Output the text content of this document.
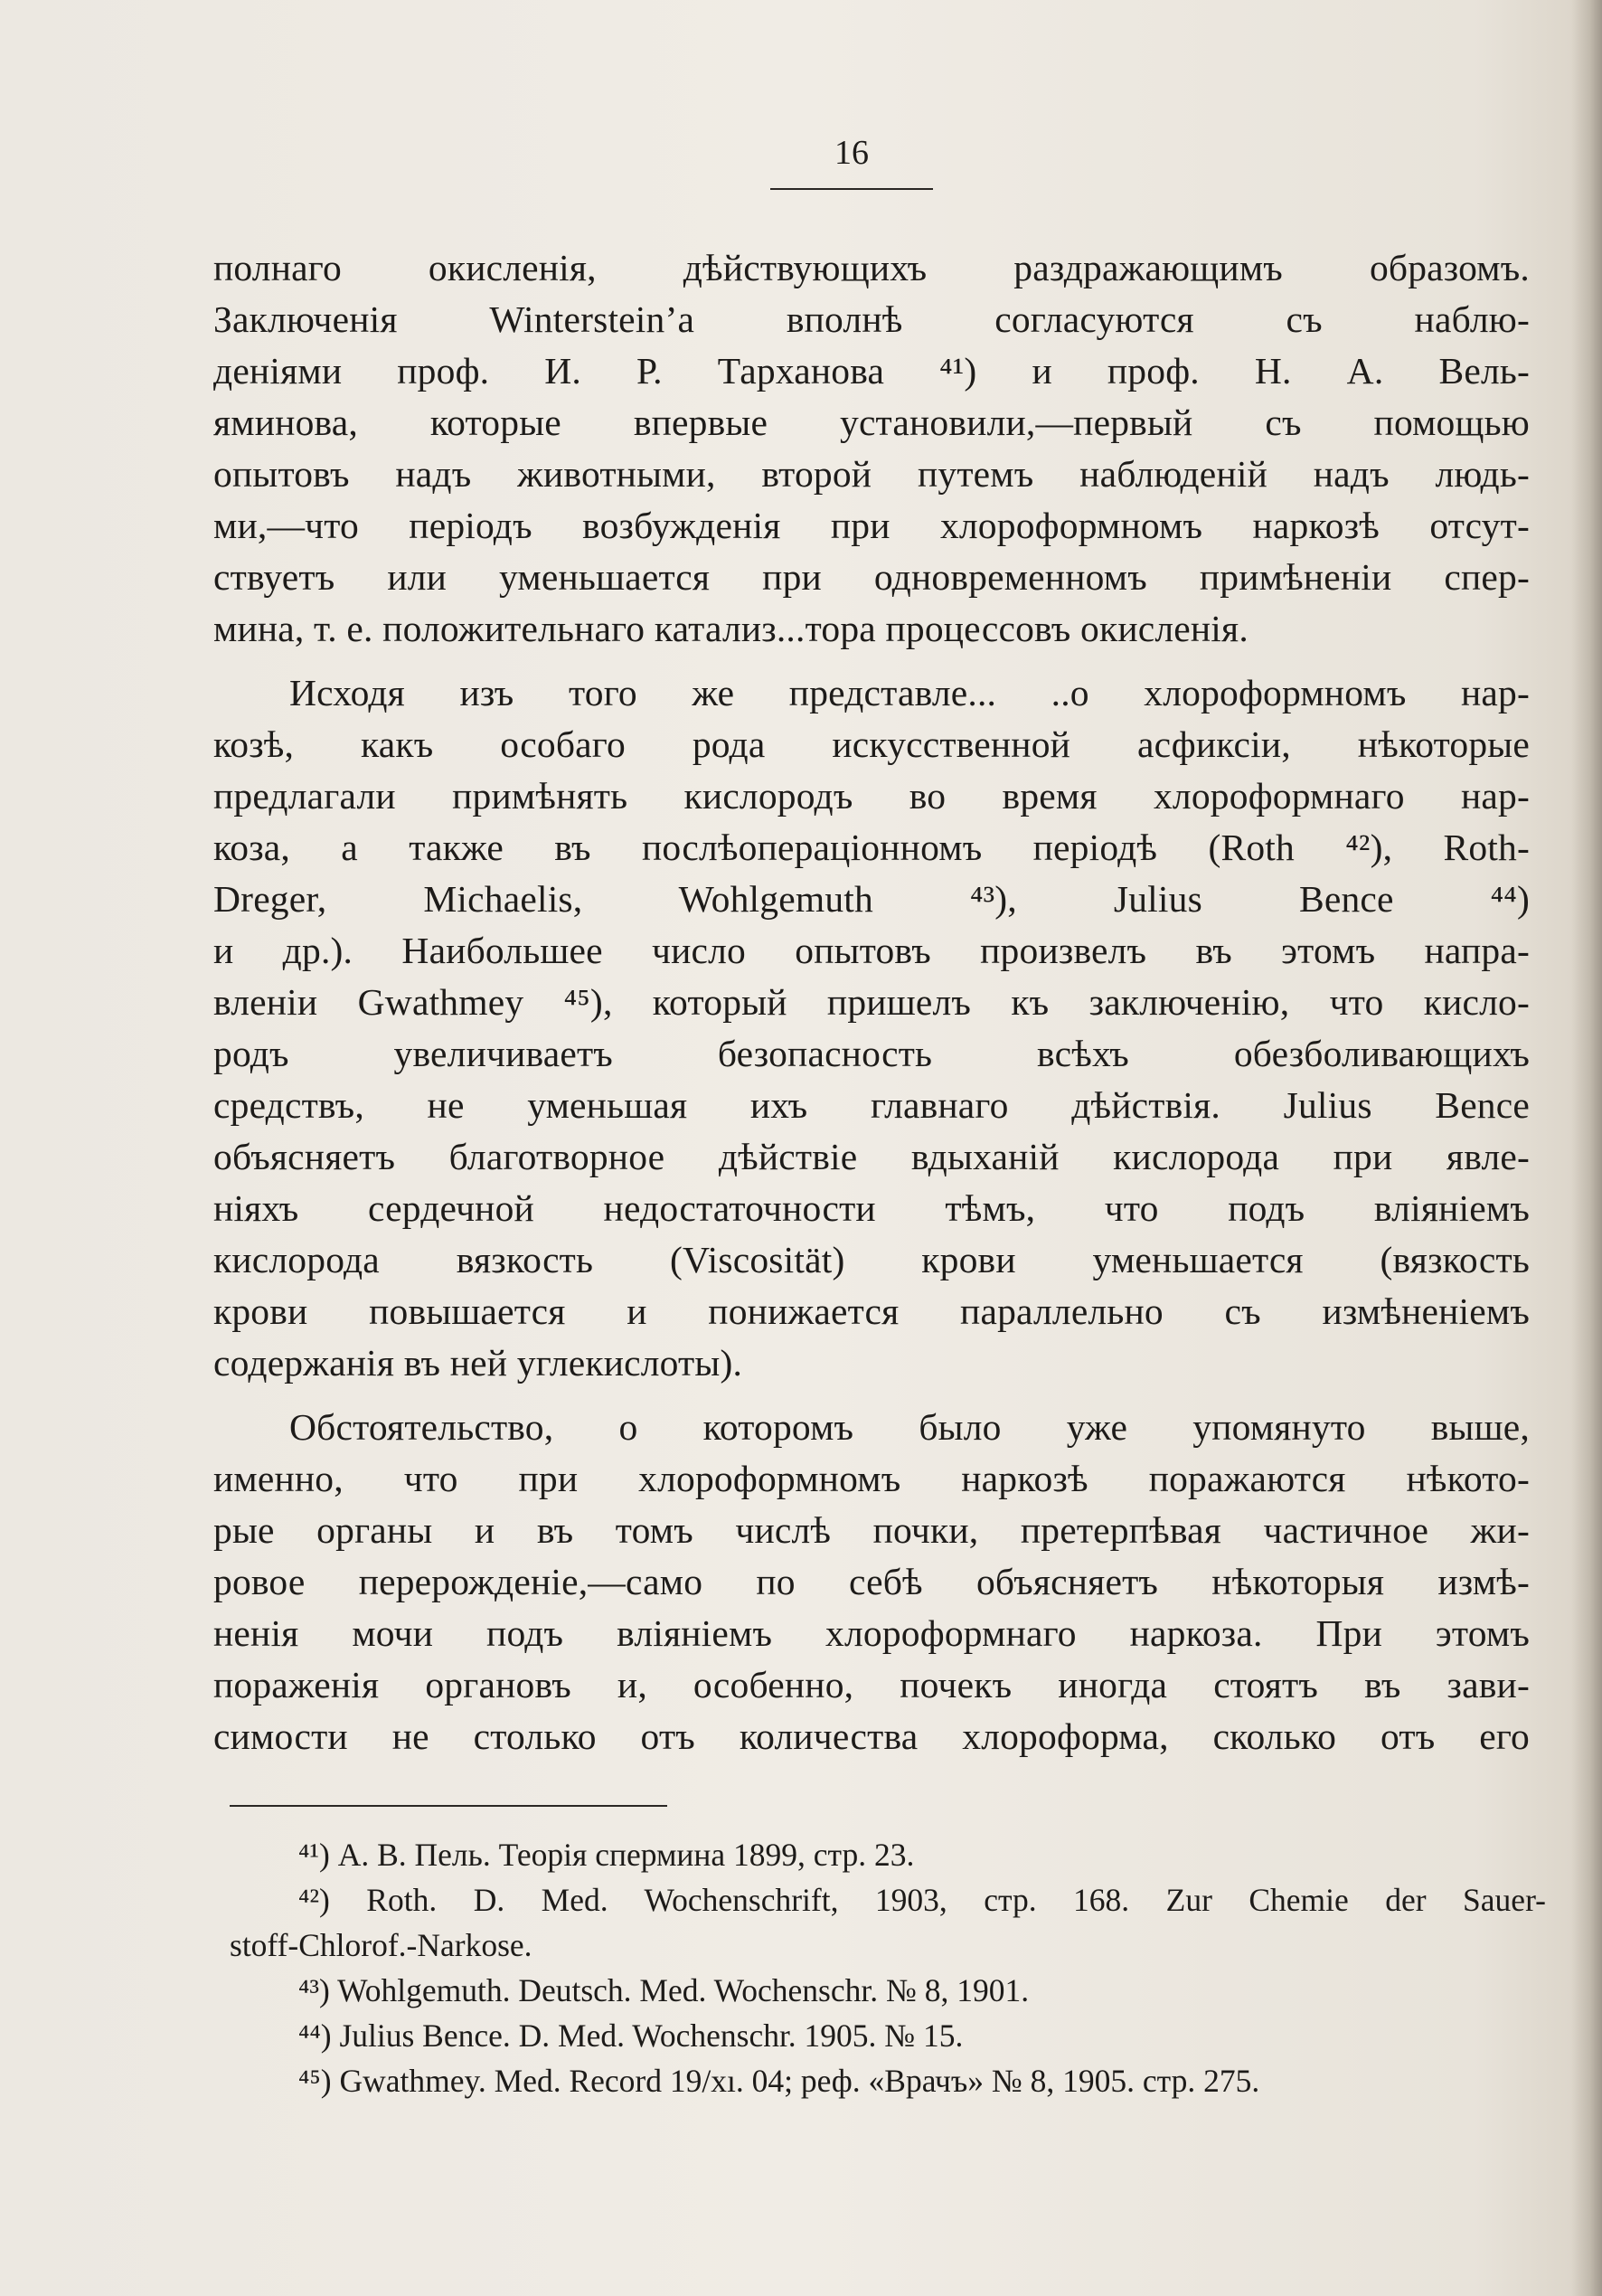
16
полнаго окисленія, дѣйствующихъ раздражающимъ образомъ.
Заключенія Winterstein’а вполнѣ согласуются съ наблю-
деніями проф. И. Р. Тарханова ⁴¹) и проф. Н. А. Вель-
яминова, которые впервые установили,—первый съ помощью
опытовъ надъ животными, второй путемъ наблюденій надъ людь-
ми,—что періодъ возбужденія при хлороформномъ наркозѣ отсут-
ствуетъ или уменьшается при одновременномъ примѣненіи спер-
мина, т. е. положительнаго катализ...тора процессовъ окисленія.
Исходя изъ того же представле... ..о хлороформномъ нар-
козѣ, какъ особаго рода искусственной асфиксіи, нѣкоторые
предлагали примѣнять кислородъ во время хлороформнаго нар-
коза, а также въ послѣопераціонномъ періодѣ (Roth ⁴²), Roth-
Dreger, Michaelis, Wohlgemuth ⁴³), Julius Bence ⁴⁴)
и др.). Наибольшее число опытовъ произвелъ въ этомъ напра-
вленіи Gwathmey ⁴⁵), который пришелъ къ заключенію, что кисло-
родъ увеличиваетъ безопасность всѣхъ обезболивающихъ
средствъ, не уменьшая ихъ главнаго дѣйствія. Julius Bence
объясняетъ благотворное дѣйствіе вдыханій кислорода при явле-
ніяхъ сердечной недостаточности тѣмъ, что подъ вліяніемъ
кислорода вязкость (Viscosität) крови уменьшается (вязкость
крови повышается и понижается параллельно съ измѣненіемъ
содержанія въ ней углекислоты).
Обстоятельство, о которомъ было уже упомянуто выше,
именно, что при хлороформномъ наркозѣ поражаются нѣкото-
рые органы и въ томъ числѣ почки, претерпѣвая частичное жи-
ровое перерожденіе,—само по себѣ объясняетъ нѣкоторыя измѣ-
ненія мочи подъ вліяніемъ хлороформнаго наркоза. При этомъ
пораженія органовъ и, особенно, почекъ иногда стоятъ въ зави-
симости не столько отъ количества хлороформа, сколько отъ его
⁴¹) А. В. Пель. Теорія спермина 1899, стр. 23.
⁴²) Roth. D. Med. Wochenschrift, 1903, стр. 168. Zur Chemie der Sauer-
stoff-Chlorof.-Narkose.
⁴³) Wohlgemuth. Deutsch. Med. Wochenschr. № 8, 1901.
⁴⁴) Julius Bence. D. Med. Wochenschr. 1905. № 15.
⁴⁵) Gwathmey. Med. Record 19/xı. 04; реф. «Врачъ» № 8, 1905. стр. 275.
